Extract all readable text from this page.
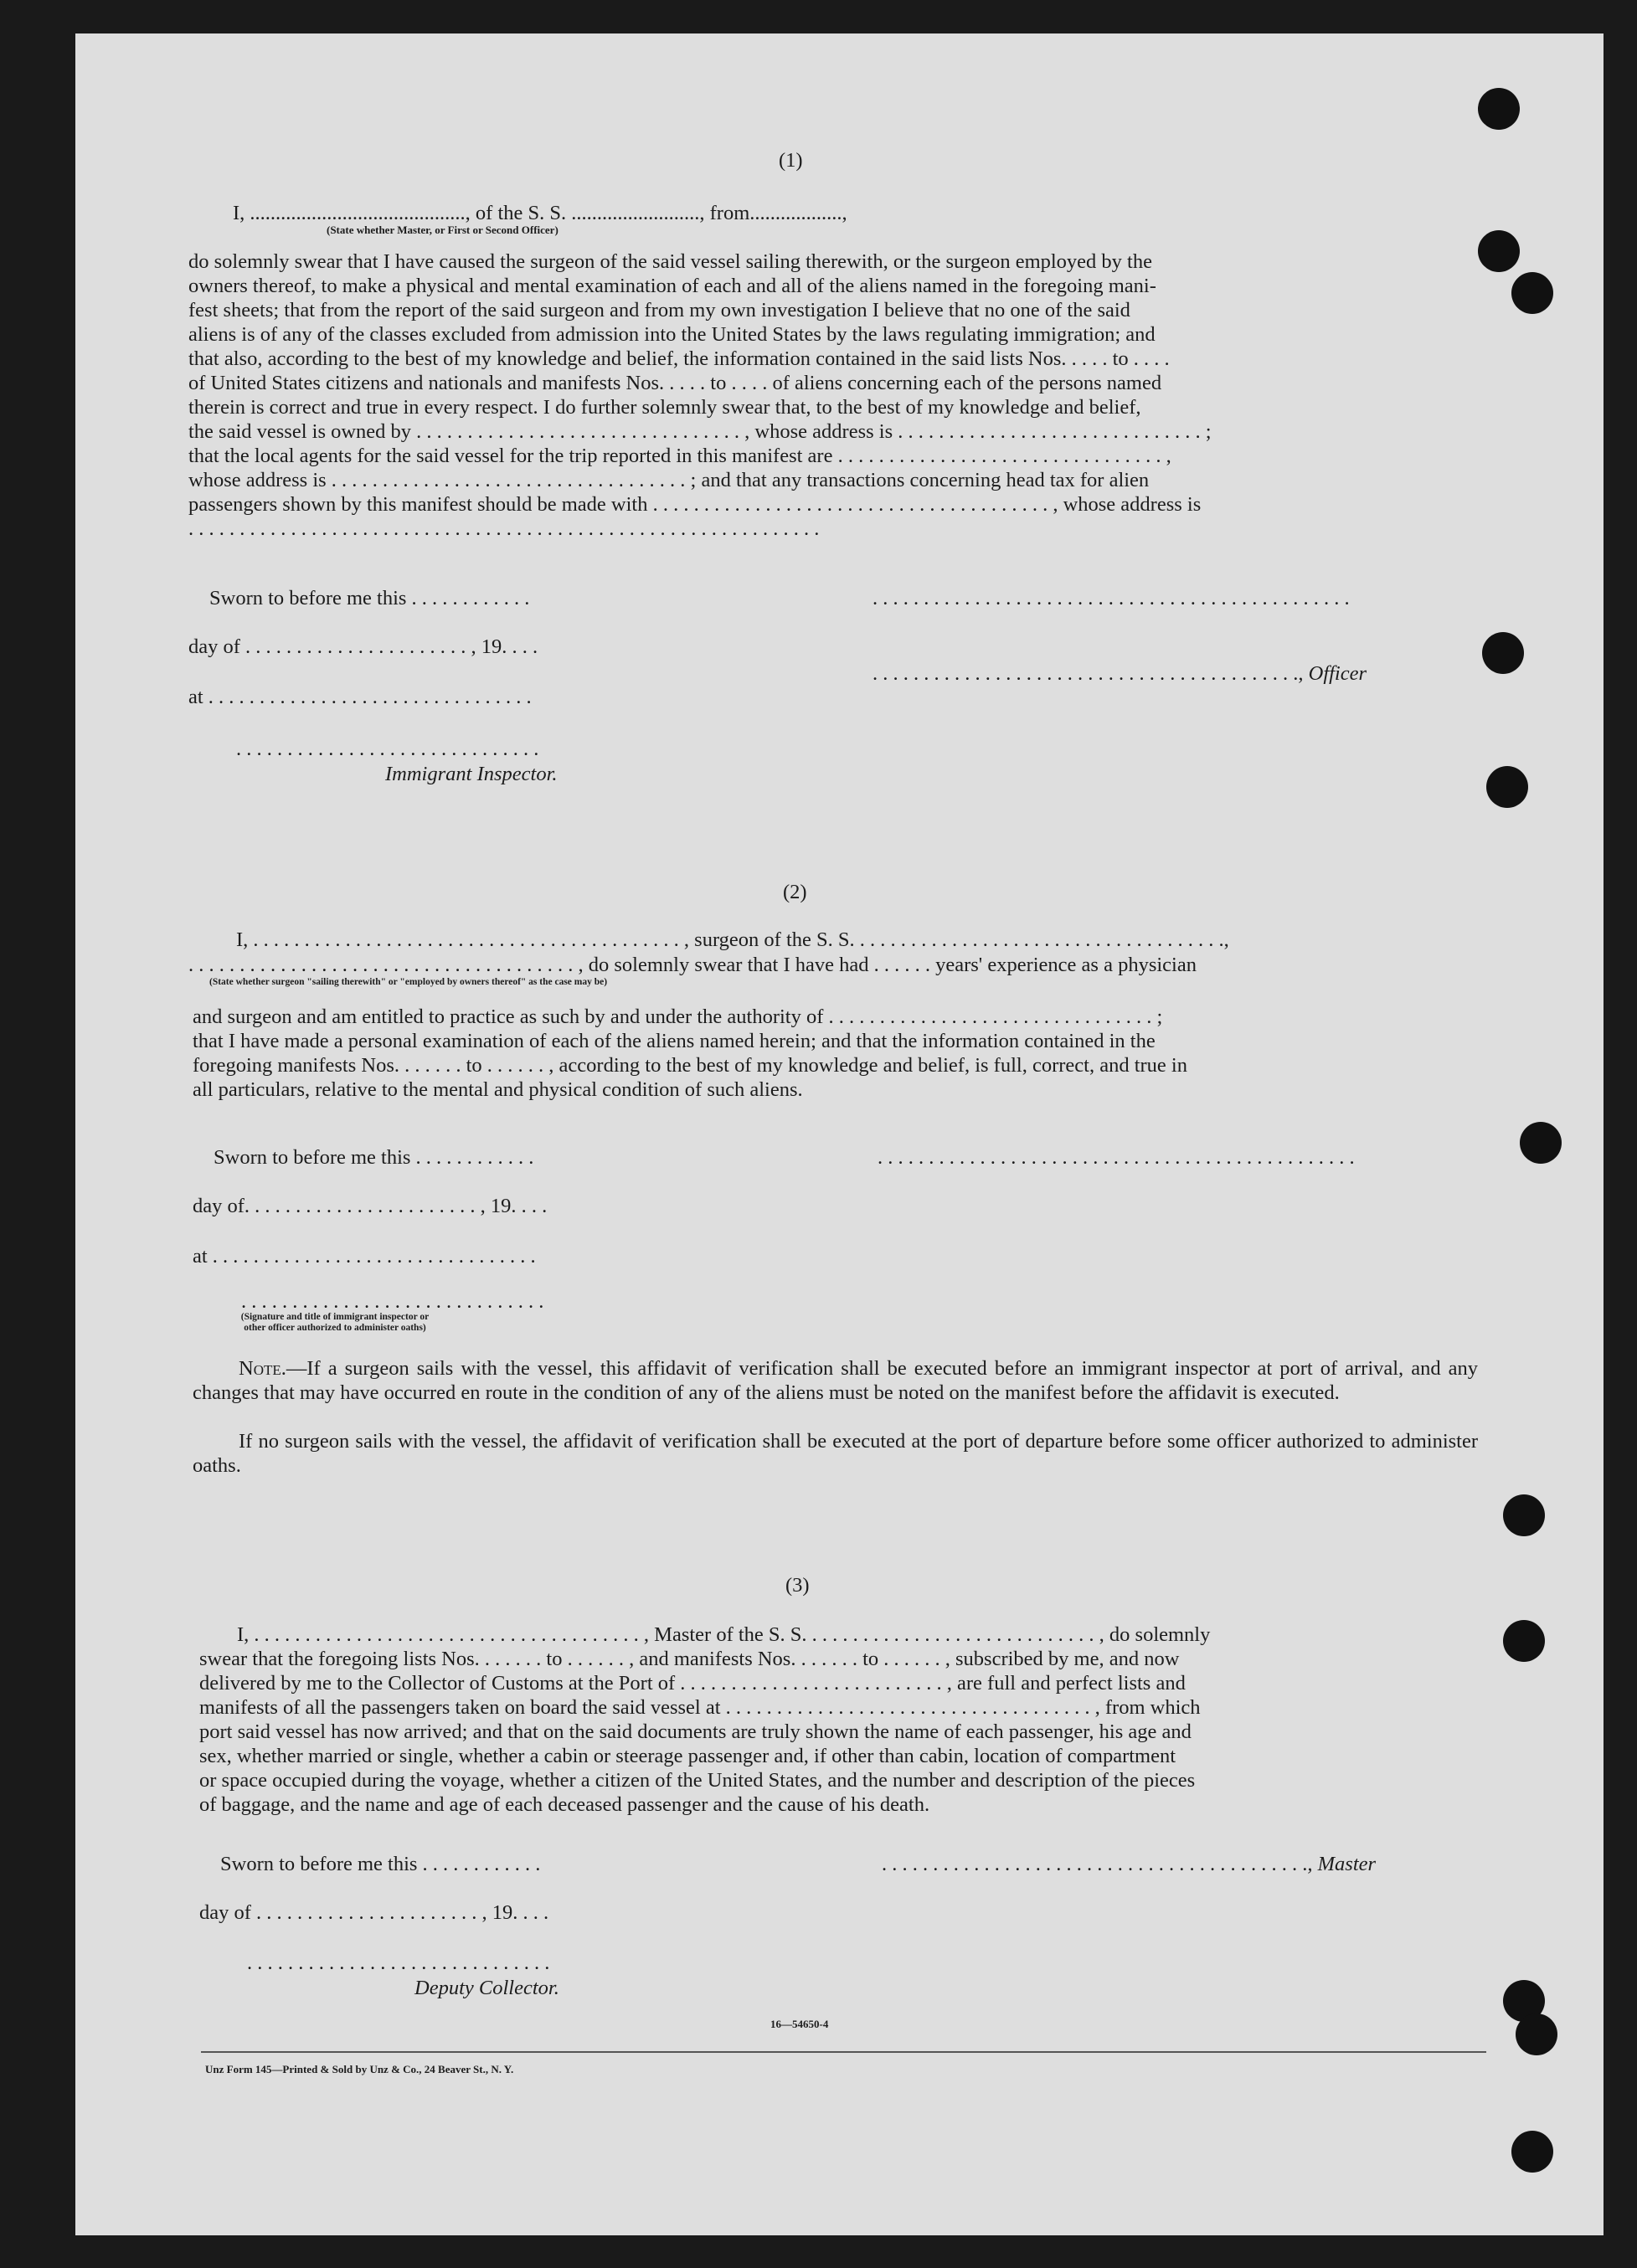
(1)
I, .........................................., of the S. S. ........................., from..................,
(State whether Master, or First or Second Officer)
do solemnly swear that I have caused the surgeon of the said vessel sailing therewith, or the surgeon employed by the
owners thereof, to make a physical and mental examination of each and all of the aliens named in the foregoing mani-
fest sheets; that from the report of the said surgeon and from my own investigation I believe that no one of the said
aliens is of any of the classes excluded from admission into the United States by the laws regulating immigration; and
that also, according to the best of my knowledge and belief, the information contained in the said lists Nos. . . . . to . . . .
of United States citizens and nationals and manifests Nos. . . . . to . . . . of aliens concerning each of the persons named
therein is correct and true in every respect. I do further solemnly swear that, to the best of my knowledge and belief,
the said vessel is owned by . . . . . . . . . . . . . . . . . . . . . . . . . . . . . . . . , whose address is . . . . . . . . . . . . . . . . . . . . . . . . . . . . . . ;
that the local agents for the said vessel for the trip reported in this manifest are . . . . . . . . . . . . . . . . . . . . . . . . . . . . . . . . ,
whose address is . . . . . . . . . . . . . . . . . . . . . . . . . . . . . . . . . . . ; and that any transactions concerning head tax for alien
passengers shown by this manifest should be made with . . . . . . . . . . . . . . . . . . . . . . . . . . . . . . . . . . . . . . . , whose address is
. . . . . . . . . . . . . . . . . . . . . . . . . . . . . . . . . . . . . . . . . . . . . . . . . . . . . . . . . . . . . .
Sworn to before me this . . . . . . . . . . . .	. . . . . . . . . . . . . . . . . . . . . . . . . . . . . . . . . . . . . . . . . . . . . . .
day of . . . . . . . . . . . . . . . . . . . . . . , 19. . . .
. . . . . . . . . . . . . . . . . . . . . . . . . . . . . . . . . . . . . . . . . ., Officer
at . . . . . . . . . . . . . . . . . . . . . . . . . . . . . . . .
. . . . . . . . . . . . . . . . . . . . . . . . . . . . . .
Immigrant Inspector.
(2)
I, . . . . . . . . . . . . . . . . . . . . . . . . . . . . . . . . . . . . . . . . . . , surgeon of the S. S. . . . . . . . . . . . . . . . . . . . . . . . . . . . . . . . . . . . .,
. . . . . . . . . . . . . . . . . . . . . . . . . . . . . . . . . . . . . . , do solemnly swear that I have had . . . . . . years' experience as a physician
(State whether surgeon "sailing therewith" or "employed by owners thereof" as the case may be)
and surgeon and am entitled to practice as such by and under the authority of . . . . . . . . . . . . . . . . . . . . . . . . . . . . . . . . ;
that I have made a personal examination of each of the aliens named herein; and that the information contained in the
foregoing manifests Nos. . . . . . . to . . . . . . , according to the best of my knowledge and belief, is full, correct, and true in
all particulars, relative to the mental and physical condition of such aliens.
Sworn to before me this . . . . . . . . . . . .	. . . . . . . . . . . . . . . . . . . . . . . . . . . . . . . . . . . . . . . . . . . . . . .
day of. . . . . . . . . . . . . . . . . . . . . . . , 19. . . .
at . . . . . . . . . . . . . . . . . . . . . . . . . . . . . . . .
. . . . . . . . . . . . . . . . . . . . . . . . . . . . . .
(Signature and title of immigrant inspector or other officer authorized to administer oaths)
Note.—If a surgeon sails with the vessel, this affidavit of verification shall be executed before an immigrant inspector at port of arrival, and any changes that may have occurred en route in the condition of any of the aliens must be noted on the manifest before the affidavit is executed.
If no surgeon sails with the vessel, the affidavit of verification shall be executed at the port of departure before some officer authorized to administer oaths.
(3)
I, . . . . . . . . . . . . . . . . . . . . . . . . . . . . . . . . . . . . . . , Master of the S. S. . . . . . . . . . . . . . . . . . . . . . . . . . . . . , do solemnly
swear that the foregoing lists Nos. . . . . . . to . . . . . . , and manifests Nos. . . . . . . to . . . . . . , subscribed by me, and now
delivered by me to the Collector of Customs at the Port of . . . . . . . . . . . . . . . . . . . . . . . . . . , are full and perfect lists and
manifests of all the passengers taken on board the said vessel at . . . . . . . . . . . . . . . . . . . . . . . . . . . . . . . . . . . . , from which
port said vessel has now arrived; and that on the said documents are truly shown the name of each passenger, his age and
sex, whether married or single, whether a cabin or steerage passenger and, if other than cabin, location of compartment
or space occupied during the voyage, whether a citizen of the United States, and the number and description of the pieces
of baggage, and the name and age of each deceased passenger and the cause of his death.
Sworn to before me this . . . . . . . . . . . .	. . . . . . . . . . . . . . . . . . . . . . . . . . . . . . . . . . . . . . . . . ., Master
day of . . . . . . . . . . . . . . . . . . . . . . , 19. . . .
. . . . . . . . . . . . . . . . . . . . . . . . . . . . . .
Deputy Collector.
16—54650-4
Unz Form 145—Printed & Sold by Unz & Co., 24 Beaver St., N. Y.
